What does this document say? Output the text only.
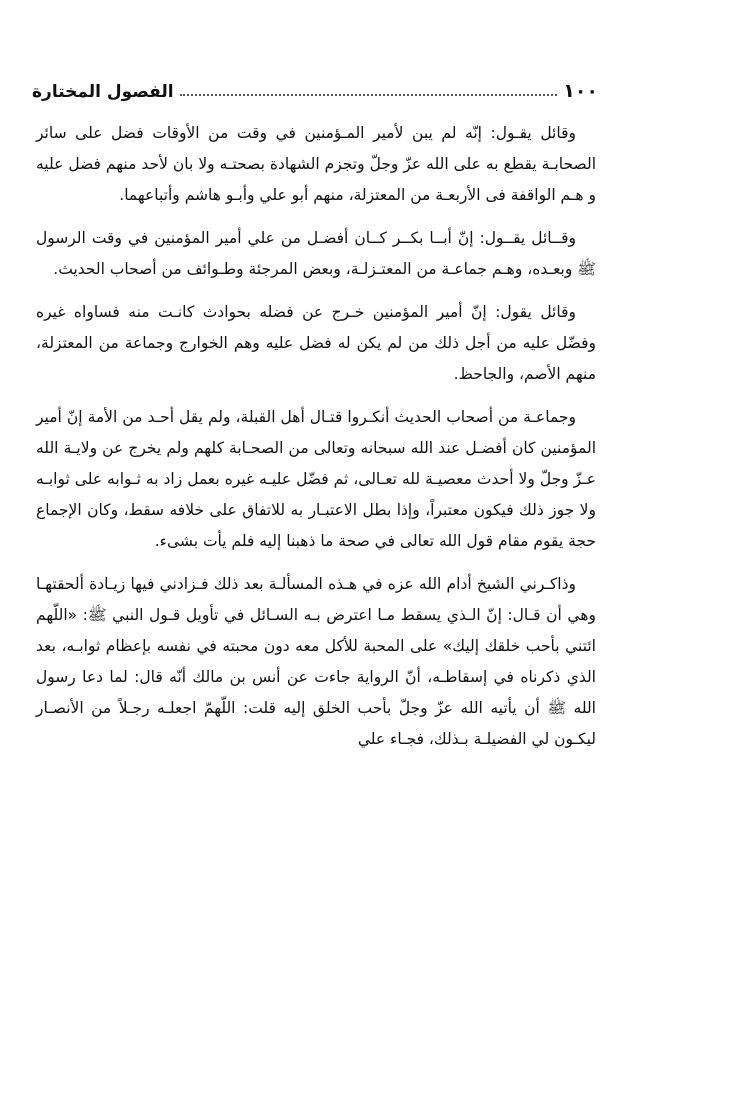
١٠٠
الفصول المختارة

وقائل يقـول: إنّه لم يبن لأمير المـؤمنين في وقت من الأوقات فضل على سائر الصحابـة يقطع به على الله عزّ وجلّ وتجزم الشهادة بصحتـه ولا بان لأحد منهم فضل عليه و هـم الواقفة فى الأربعـة من المعتزلة، منهم أبو علي وأبـو هاشم وأتباعهما.

وقــائل يقــول: إنّ أبــا بكــر كــان أفضـل من علي أمير المؤمنين في وقت الرسول ﷺ وبعـده، وهـم جماعـة من المعتـزلـة، وبعض المرجئة وطـوائف من أصحاب الحديث.

وقائل يقول: إنّ أمير المؤمنين خـرج عن فضله بحوادث كانـت منه فساواه غيره وفضّل عليه من أجل ذلك من لم يكن له فضل عليه وهم الخوارج وجماعة من المعتزلة، منهم الأصم، والجاحظ.

وجماعـة من أصحاب الحديث أنكـروا قتـال أهل القبلة، ولم يقل أحـد من الأمة إنّ أمير المؤمنين كان أفضـل عند الله سبحانه وتعالى من الصحـابة كلهم ولم يخرج عن ولايـة الله عـزّ وجلّ ولا أحدث معصيـة لله تعـالى، ثم فضّل عليـه غيره بعمل زاد به ثـوابه على ثوابـه ولا جوز ذلك فيكون معتبراً، وإذا بطل الاعتبـار به للاتفاق على خلافه سقط، وكان الإجماع حجة يقوم مقام قول الله تعالى في صحة ما ذهبنا إليه فلم يأت بشىء.

وذاكـرني الشيخ أدام الله عزه في هـذه المسألـة بعد ذلك فـزادني فيها زيـادة ألحقتهـا وهي أن قـال: إنّ الـذي يسقط مـا اعترض بـه السـائل في تأويل قـول النبي ﷺ: «اللّهم ائتني بأحب خلقك إليك» على المحبة للأكل معه دون محبته في نفسه بإعظام ثوابـه، بعد الذي ذكرناه في إسقاطـه، أنّ الرواية جاءت عن أنس بن مالك أنّه قال: لما دعا رسول الله ﷺ أن يأتيه الله عزّ وجلّ بأحب الخلق إليه قلت: اللّهمّ اجعلـه رجـلاً من الأنصـار ليكـون لي الفضيلـة بـذلك، فجـاء علي
